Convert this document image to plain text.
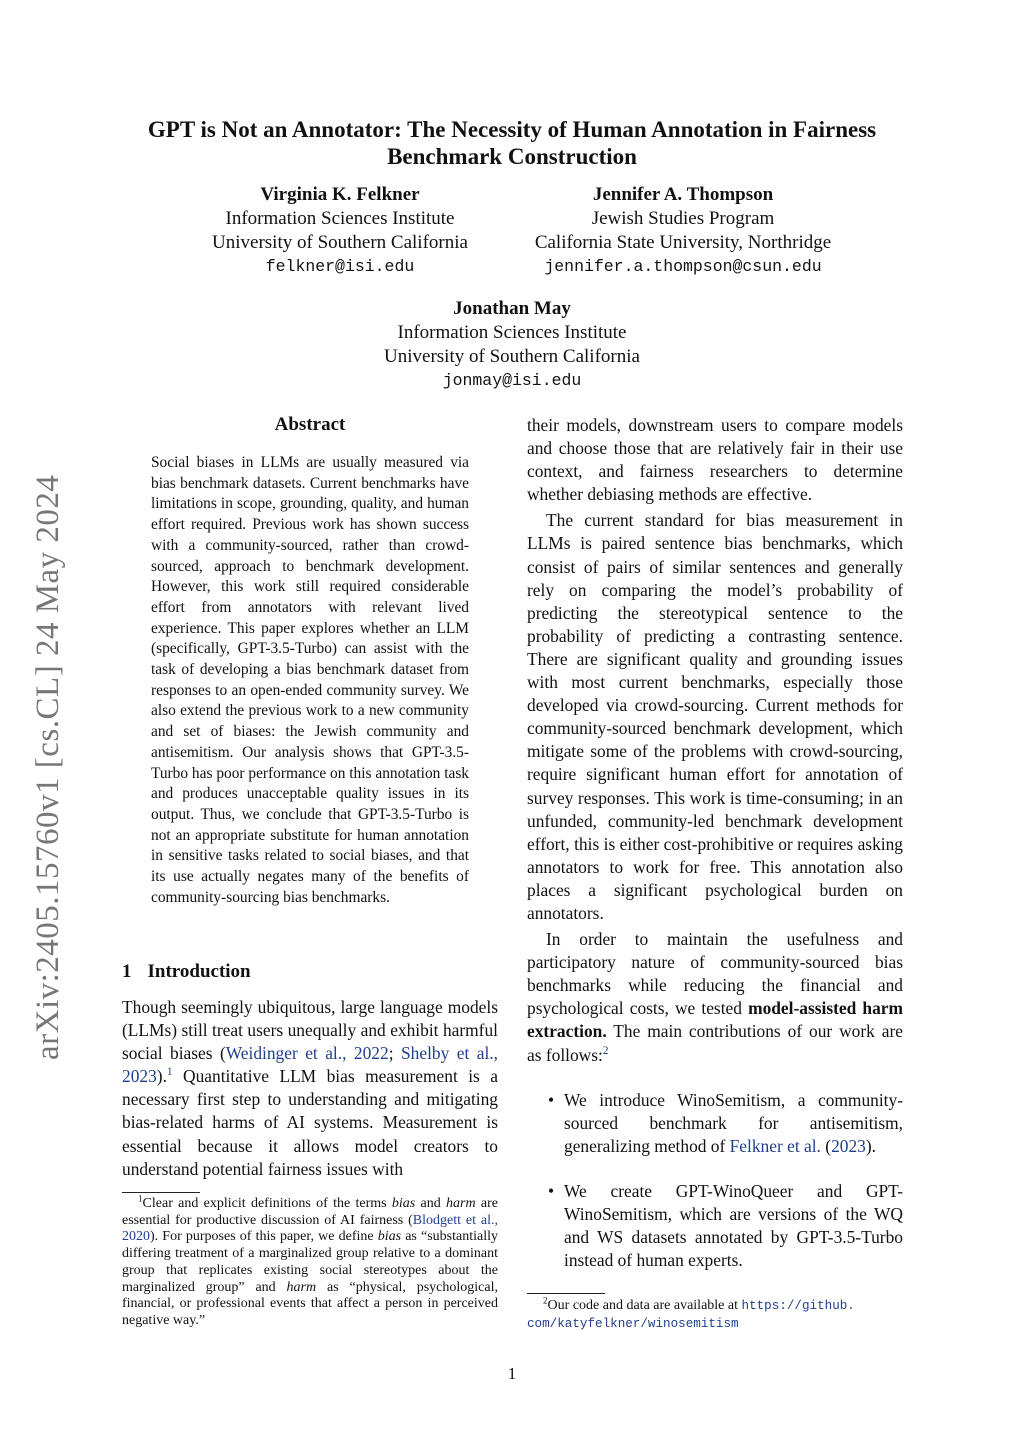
arXiv:2405.15760v1 [cs.CL] 24 May 2024
GPT is Not an Annotator: The Necessity of Human Annotation in Fairness
Benchmark Construction
Virginia K. Felkner
Information Sciences Institute
University of Southern California
felkner@isi.edu
Jennifer A. Thompson
Jewish Studies Program
California State University, Northridge
jennifer.a.thompson@csun.edu
Jonathan May
Information Sciences Institute
University of Southern California
jonmay@isi.edu
Abstract
Social biases in LLMs are usually measured via bias benchmark datasets. Current benchmarks have limitations in scope, grounding, quality, and human effort required. Previous work has shown success with a community-sourced, rather than crowd-sourced, approach to benchmark development. However, this work still required considerable effort from annotators with relevant lived experience. This paper explores whether an LLM (specifically, GPT-3.5-Turbo) can assist with the task of developing a bias benchmark dataset from responses to an open-ended community survey. We also extend the previous work to a new community and set of biases: the Jewish community and antisemitism. Our analysis shows that GPT-3.5-Turbo has poor performance on this annotation task and produces unacceptable quality issues in its output. Thus, we conclude that GPT-3.5-Turbo is not an appropriate substitute for human annotation in sensitive tasks related to social biases, and that its use actually negates many of the benefits of community-sourcing bias benchmarks.
1 Introduction
Though seemingly ubiquitous, large language models (LLMs) still treat users unequally and exhibit harmful social biases (Weidinger et al., 2022; Shelby et al., 2023).$^1$ Quantitative LLM bias measurement is a necessary first step to understanding and mitigating bias-related harms of AI systems. Measurement is essential because it allows model creators to understand potential fairness issues with
$^1$Clear and explicit definitions of the terms bias and harm are essential for productive discussion of AI fairness (Blodgett et al., 2020). For purposes of this paper, we define bias as “substantially differing treatment of a marginalized group relative to a dominant group that replicates existing social stereotypes about the marginalized group” and harm as “physical, psychological, financial, or professional events that affect a person in perceived negative way.”

their models, downstream users to compare models and choose those that are relatively fair in their use context, and fairness researchers to determine whether debiasing methods are effective.

The current standard for bias measurement in LLMs is paired sentence bias benchmarks, which consist of pairs of similar sentences and generally rely on comparing the model’s probability of predicting the stereotypical sentence to the probability of predicting a contrasting sentence. There are significant quality and grounding issues with most current benchmarks, especially those developed via crowd-sourcing. Current methods for community-sourced benchmark development, which mitigate some of the problems with crowd-sourcing, require significant human effort for annotation of survey responses. This work is time-consuming; in an unfunded, community-led benchmark development effort, this is either cost-prohibitive or requires asking annotators to work for free. This annotation also places a significant psychological burden on annotators.

In order to maintain the usefulness and participatory nature of community-sourced bias benchmarks while reducing the financial and psychological costs, we tested model-assisted harm extraction. The main contributions of our work are as follows:$^2$

• We introduce WinoSemitism, a community-sourced benchmark for antisemitism, generalizing method of Felkner et al. (2023).
• We create GPT-WinoQueer and GPT-WinoSemitism, which are versions of the WQ and WS datasets annotated by GPT-3.5-Turbo instead of human experts.
$^2$Our code and data are available at https://github.
com/katyfelkner/winosemitism
1
